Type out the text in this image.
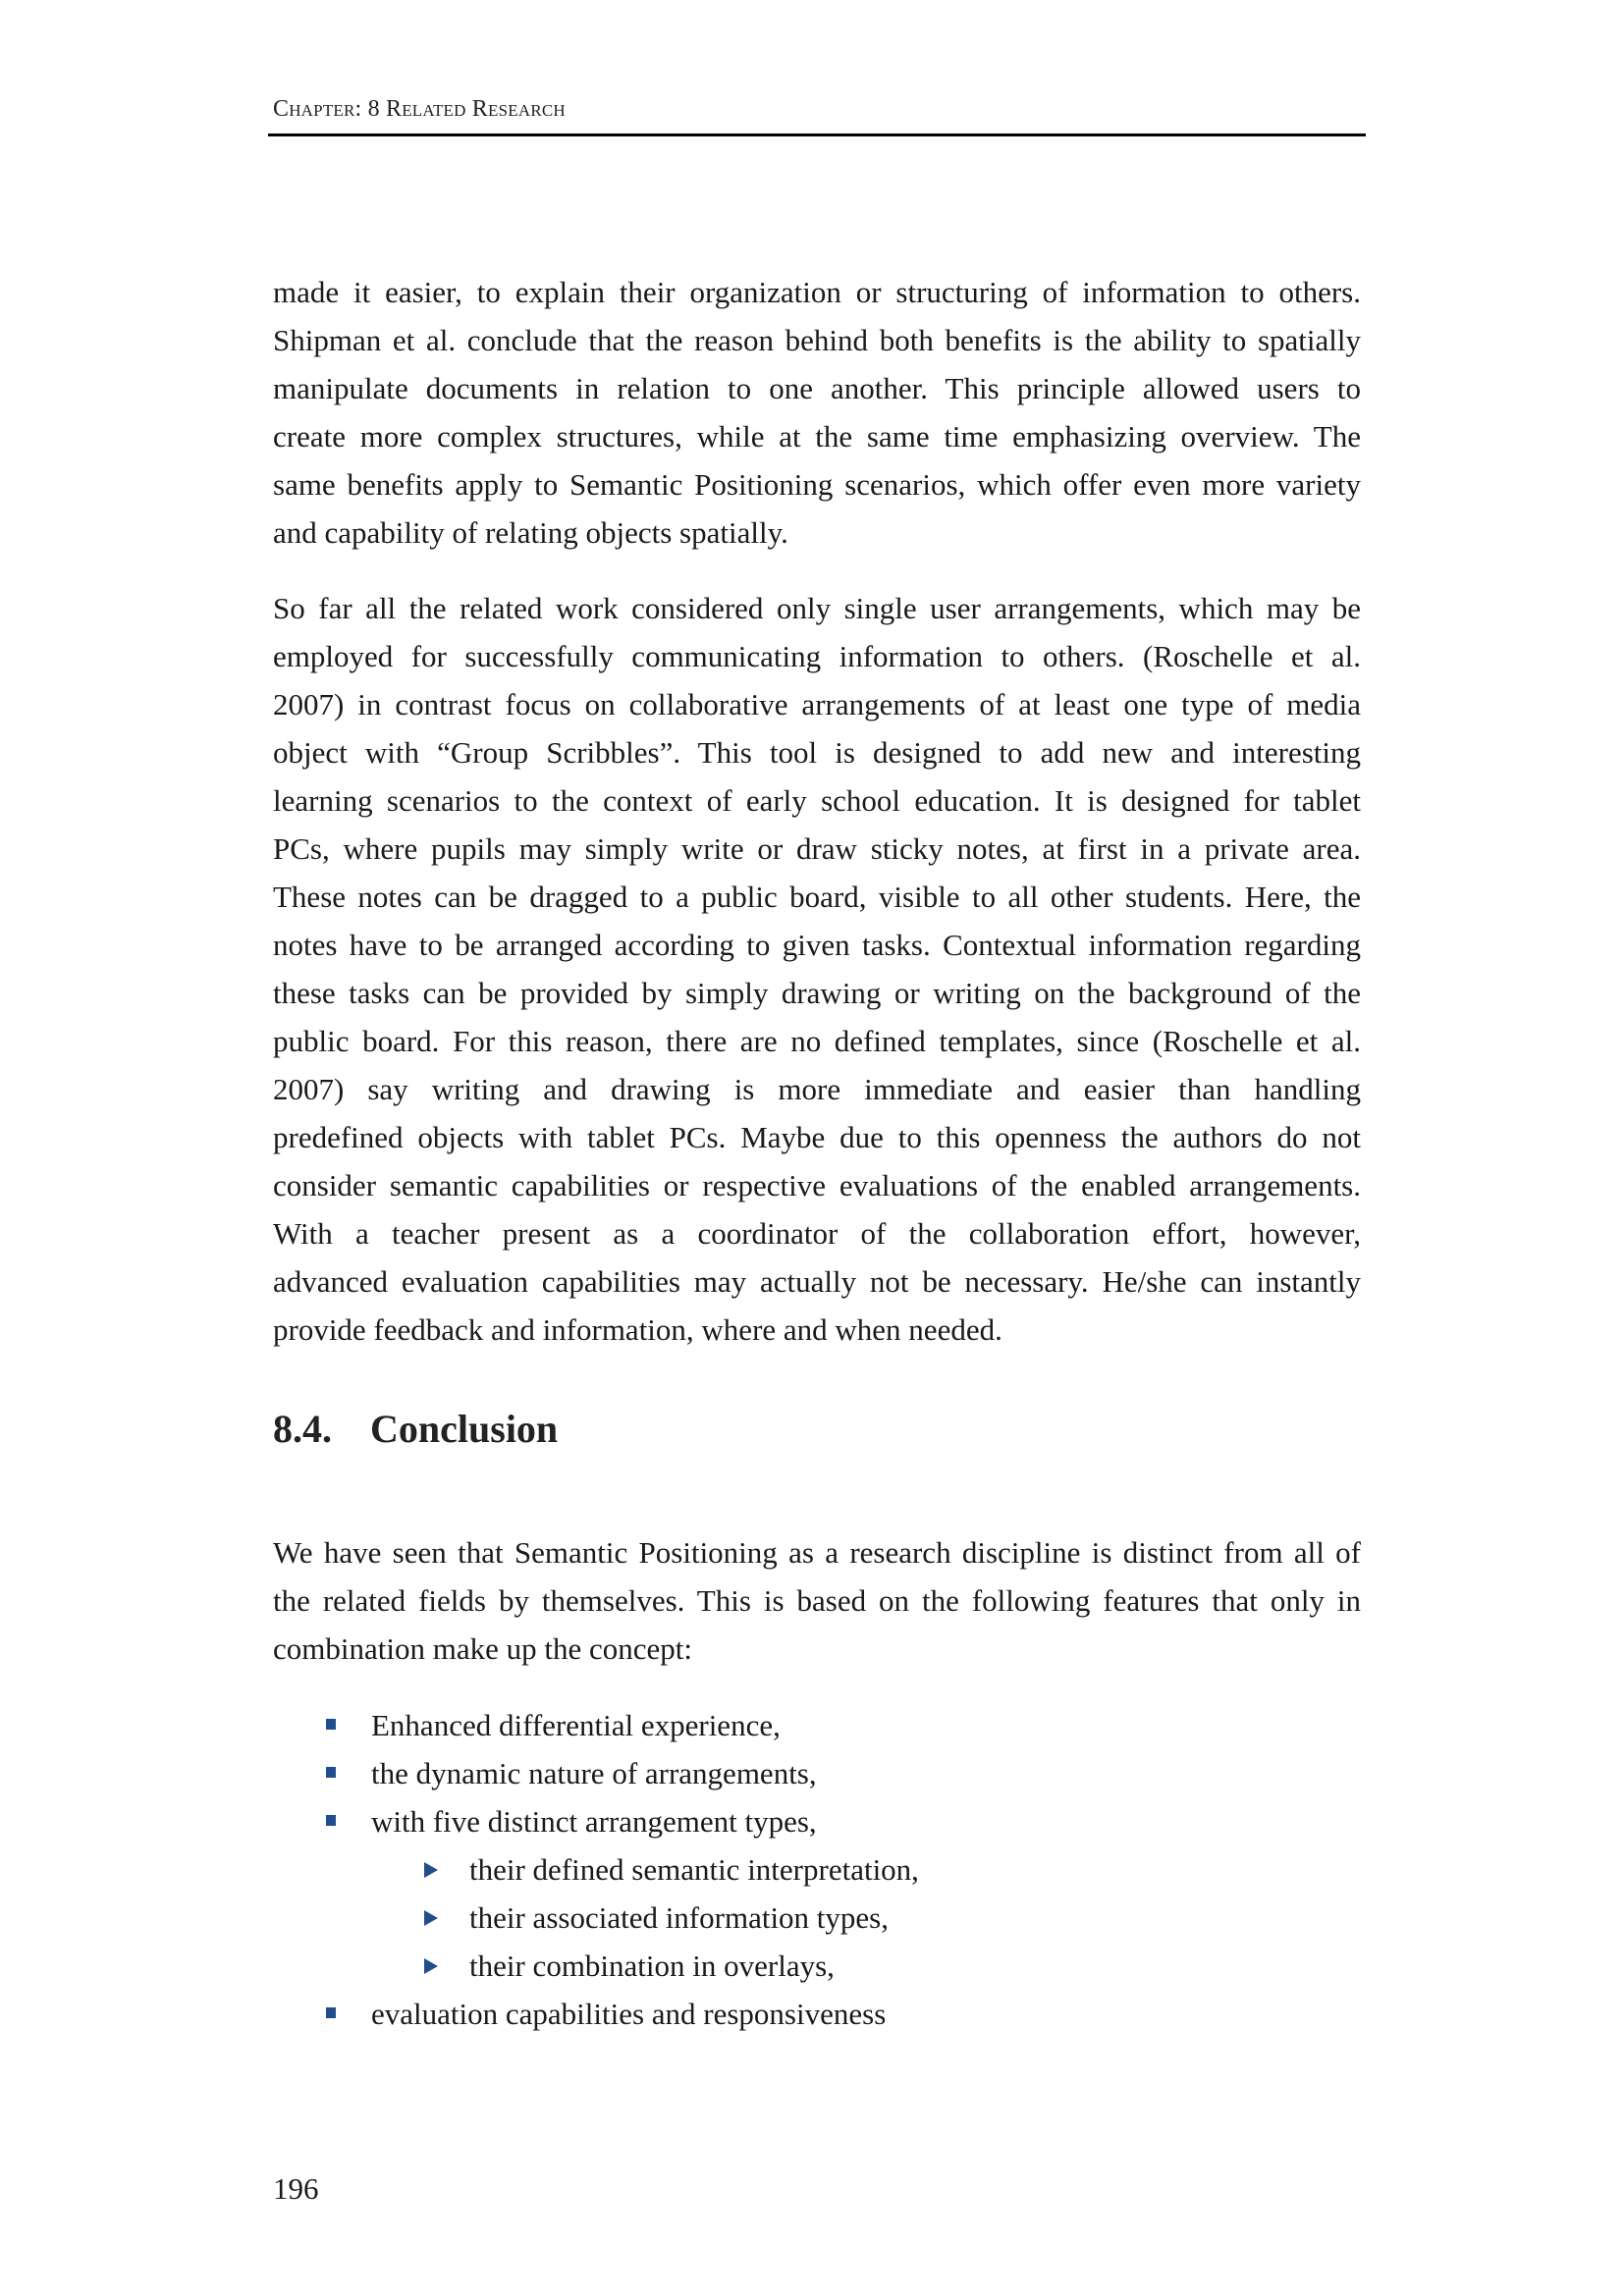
Chapter: 8 Related Research
made it easier, to explain their organization or structuring of information to others.
Shipman et al. conclude that the reason behind both benefits is the ability to spatially
manipulate documents in relation to one another. This principle allowed users to
create more complex structures, while at the same time emphasizing overview. The
same benefits apply to Semantic Positioning scenarios, which offer even more variety
and capability of relating objects spatially.
So far all the related work considered only single user arrangements, which may be
employed for successfully communicating information to others. (Roschelle et al.
2007) in contrast focus on collaborative arrangements of at least one type of media
object with “Group Scribbles”. This tool is designed to add new and interesting
learning scenarios to the context of early school education. It is designed for tablet
PCs, where pupils may simply write or draw sticky notes, at first in a private area.
These notes can be dragged to a public board, visible to all other students. Here, the
notes have to be arranged according to given tasks. Contextual information regarding
these tasks can be provided by simply drawing or writing on the background of the
public board. For this reason, there are no defined templates, since (Roschelle et al.
2007) say writing and drawing is more immediate and easier than handling
predefined objects with tablet PCs. Maybe due to this openness the authors do not
consider semantic capabilities or respective evaluations of the enabled arrangements.
With a teacher present as a coordinator of the collaboration effort, however,
advanced evaluation capabilities may actually not be necessary. He/she can instantly
provide feedback and information, where and when needed.
8.4. Conclusion
We have seen that Semantic Positioning as a research discipline is distinct from all of
the related fields by themselves. This is based on the following features that only in
combination make up the concept:
Enhanced differential experience,
the dynamic nature of arrangements,
with five distinct arrangement types,
their defined semantic interpretation,
their associated information types,
their combination in overlays,
evaluation capabilities and responsiveness
196
